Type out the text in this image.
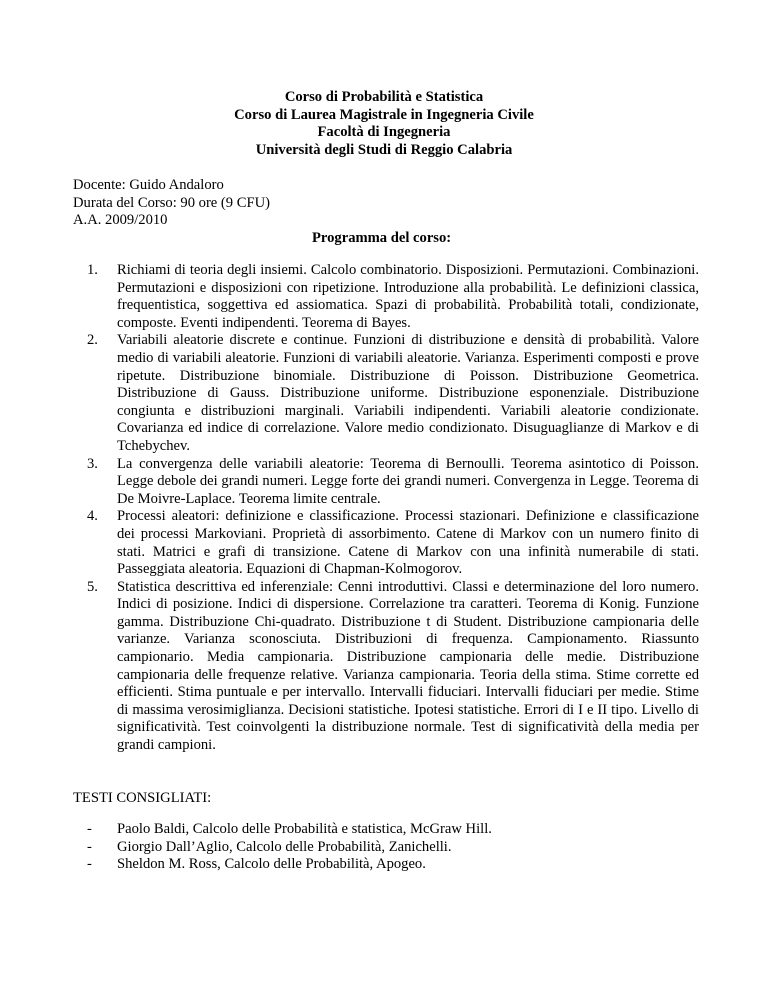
Corso di Probabilità e Statistica
Corso di Laurea Magistrale in Ingegneria Civile
Facoltà di Ingegneria
Università degli Studi di Reggio Calabria
Docente: Guido Andaloro
Durata del Corso: 90 ore (9 CFU)
A.A. 2009/2010
Programma del corso:
1. Richiami di teoria degli insiemi. Calcolo combinatorio. Disposizioni. Permutazioni. Combinazioni. Permutazioni e disposizioni con ripetizione. Introduzione alla probabilità. Le definizioni classica, frequentistica, soggettiva ed assiomatica. Spazi di probabilità. Probabilità totali, condizionate, composte. Eventi indipendenti. Teorema di Bayes.
2. Variabili aleatorie discrete e continue. Funzioni di distribuzione e densità di probabilità. Valore medio di variabili aleatorie. Funzioni di variabili aleatorie. Varianza. Esperimenti composti e prove ripetute. Distribuzione binomiale. Distribuzione di Poisson. Distribuzione Geometrica. Distribuzione di Gauss. Distribuzione uniforme. Distribuzione esponenziale. Distribuzione congiunta e distribuzioni marginali. Variabili indipendenti. Variabili aleatorie condizionate. Covarianza ed indice di correlazione. Valore medio condizionato. Disuguaglianze di Markov e di Tchebychev.
3. La convergenza delle variabili aleatorie: Teorema di Bernoulli. Teorema asintotico di Poisson. Legge debole dei grandi numeri. Legge forte dei grandi numeri. Convergenza in Legge. Teorema di De Moivre-Laplace. Teorema limite centrale.
4. Processi aleatori: definizione e classificazione. Processi stazionari. Definizione e classificazione dei processi Markoviani. Proprietà di assorbimento. Catene di Markov con un numero finito di stati. Matrici e grafi di transizione. Catene di Markov con una infinità numerabile di stati. Passeggiata aleatoria. Equazioni di Chapman-Kolmogorov.
5. Statistica descrittiva ed inferenziale: Cenni introduttivi. Classi e determinazione del loro numero. Indici di posizione. Indici di dispersione. Correlazione tra caratteri. Teorema di Konig. Funzione gamma. Distribuzione Chi-quadrato. Distribuzione t di Student. Distribuzione campionaria delle varianze. Varianza sconosciuta. Distribuzioni di frequenza. Campionamento. Riassunto campionario. Media campionaria. Distribuzione campionaria delle medie. Distribuzione campionaria delle frequenze relative. Varianza campionaria. Teoria della stima. Stime corrette ed efficienti. Stima puntuale e per intervallo. Intervalli fiduciari. Intervalli fiduciari per medie. Stime di massima verosimiglianza. Decisioni statistiche. Ipotesi statistiche. Errori di I e II tipo. Livello di significatività. Test coinvolgenti la distribuzione normale. Test di significatività della media per grandi campioni.
TESTI CONSIGLIATI:
- Paolo Baldi, Calcolo delle Probabilità e statistica, McGraw Hill.
- Giorgio Dall’Aglio, Calcolo delle Probabilità, Zanichelli.
- Sheldon M. Ross, Calcolo delle Probabilità, Apogeo.
